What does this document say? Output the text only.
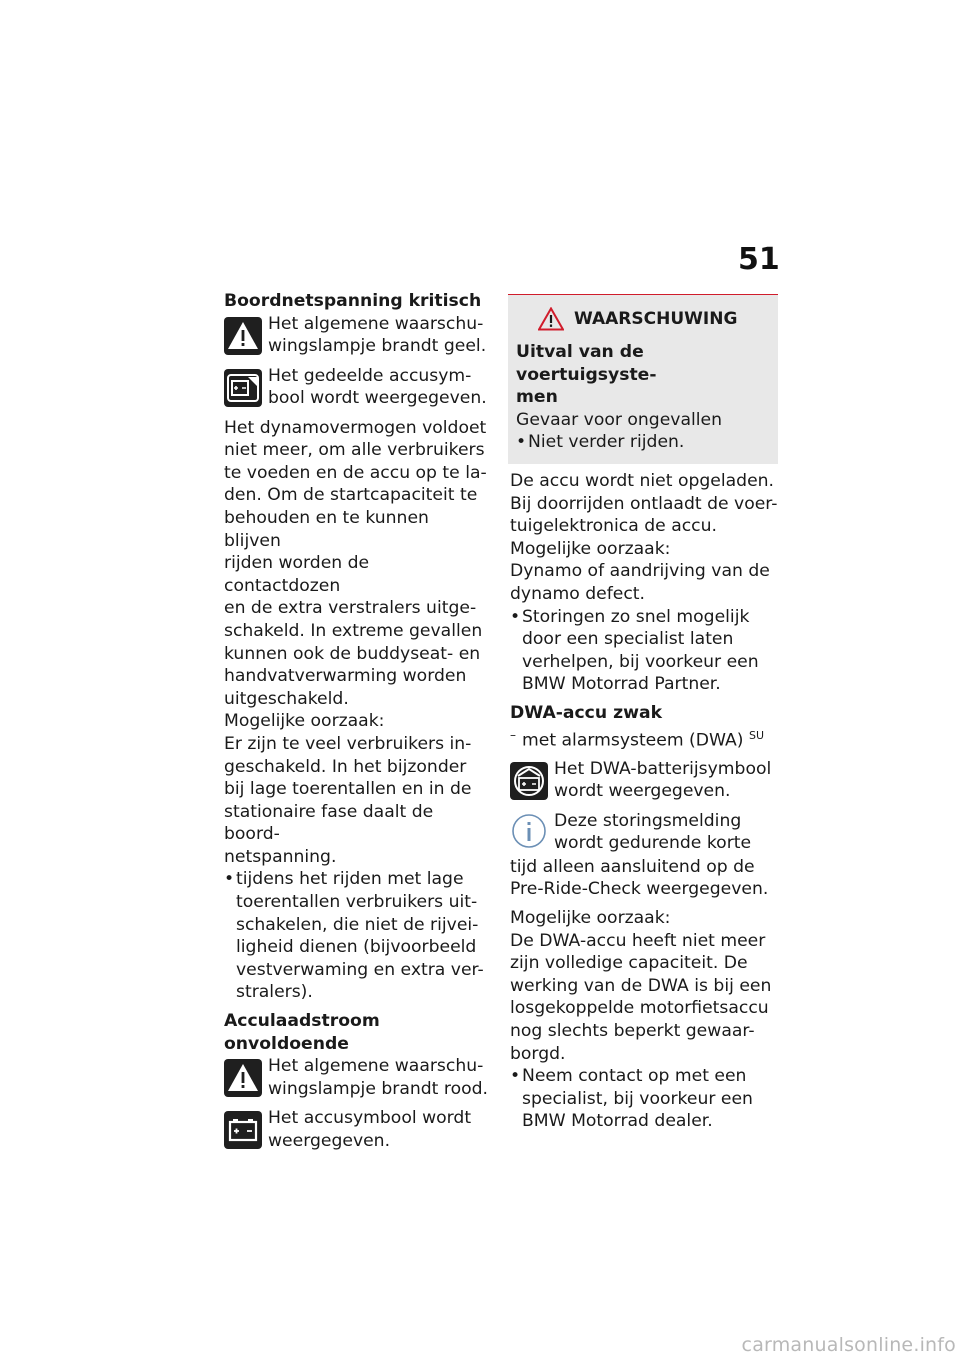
51
Boordnetspanning kritisch
Het algemene waarschu-
wingslampje brandt geel.
Het gedeelde accusym-
bool wordt weergegeven.
Het dynamovermogen voldoet
niet meer, om alle verbruikers
te voeden en de accu op te la-
den. Om de startcapaciteit te
behouden en te kunnen blijven
rijden worden de contactdozen
en de extra verstralers uitge-
schakeld. In extreme gevallen
kunnen ook de buddyseat- en
handvatverwarming worden
uitgeschakeld.
Mogelijke oorzaak:
Er zijn te veel verbruikers in-
geschakeld. In het bijzonder
bij lage toerentallen en in de
stationaire fase daalt de boord-
netspanning.
• tijdens het rijden met lage
toerentallen verbruikers uit-
schakelen, die niet de rijvei-
ligheid dienen (bijvoorbeeld
vestverwaming en extra ver-
stralers).
Acculaadstroom onvoldoende
Het algemene waarschu-
wingslampje brandt rood.
Het accusymbool wordt
weergegeven.
WAARSCHUWING
Uitval van de voertuigsyste-
men
Gevaar voor ongevallen
• Niet verder rijden.
De accu wordt niet opgeladen.
Bij doorrijden ontlaadt de voer-
tuigelektronica de accu.
Mogelijke oorzaak:
Dynamo of aandrijving van de
dynamo defect.
• Storingen zo snel mogelijk
door een specialist laten
verhelpen, bij voorkeur een
BMW Motorrad Partner.
DWA-accu zwak
– met alarmsysteem (DWA) $^{SU}$
Het DWA-batterijsymbool
wordt weergegeven.
Deze storingsmelding
wordt gedurende korte
tijd alleen aansluitend op de
Pre-Ride-Check weergegeven.
Mogelijke oorzaak:
De DWA-accu heeft niet meer
zijn volledige capaciteit. De
werking van de DWA is bij een
losgekoppelde motorfietsaccu
nog slechts beperkt gewaar-
borgd.
• Neem contact op met een
specialist, bij voorkeur een
BMW Motorrad dealer.
carmanualsonline.info
